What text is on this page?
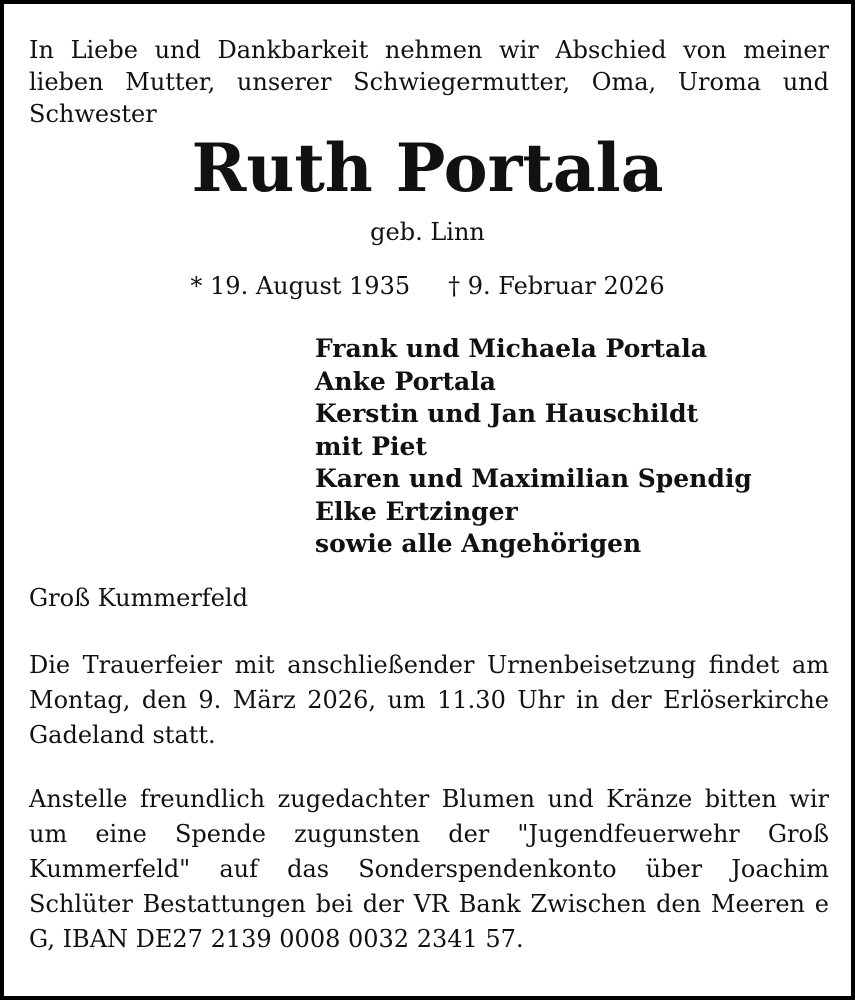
In Liebe und Dankbarkeit nehmen wir Abschied von meiner lieben Mutter, unserer Schwiegermutter, Oma, Uroma und Schwester

Ruth Portala

geb. Linn

* 19. August 1935 † 9. Februar 2026

Frank und Michaela Portala
Anke Portala
Kerstin und Jan Hauschildt
mit Piet
Karen und Maximilian Spendig
Elke Ertzinger
sowie alle Angehörigen

Groß Kummerfeld

Die Trauerfeier mit anschließender Urnenbeisetzung findet am Montag, den 9. März 2026, um 11.30 Uhr in der Erlöserkirche Gadeland statt.

Anstelle freundlich zugedachter Blumen und Kränze bitten wir um eine Spende zugunsten der "Jugendfeuerwehr Groß Kummerfeld" auf das Sonderspendenkonto über Joachim Schlüter Bestattungen bei der VR Bank Zwischen den Meeren e G, IBAN DE27 2139 0008 0032 2341 57.
